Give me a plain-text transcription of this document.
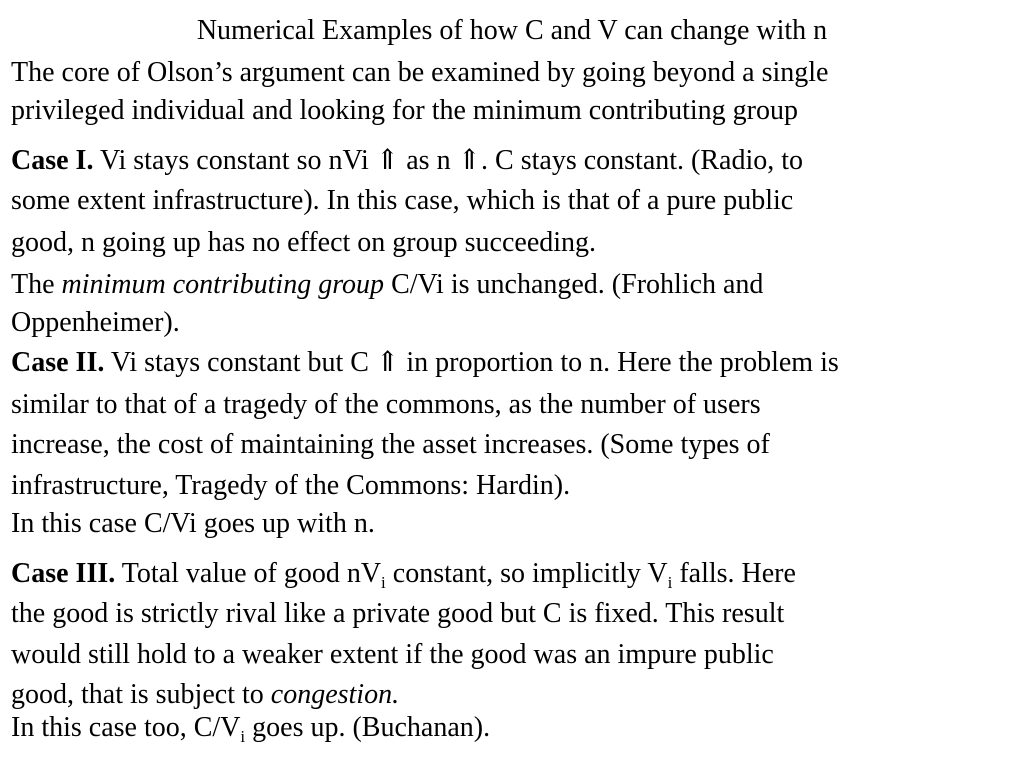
Numerical Examples of how C and V can change with n
The core of Olson’s argument can be examined by going beyond a single
privileged individual and looking for the minimum contributing group
Case I. Vi stays constant so nVi ⇑ as n ⇑. C stays constant. (Radio, to
some extent infrastructure). In this case, which is that of a pure public
good, n going up has no effect on group succeeding.
The minimum contributing group C/Vi is unchanged. (Frohlich and
Oppenheimer).
Case II. Vi stays constant but C ⇑ in proportion to n. Here the problem is
similar to that of a tragedy of the commons, as the number of users
increase, the cost of maintaining the asset increases. (Some types of
infrastructure, Tragedy of the Commons: Hardin).
In this case C/Vi goes up with n.
Case III. Total value of good $nV_i$ constant, so implicitly $V_i$ falls. Here
the good is strictly rival like a private good but C is fixed. This result
would still hold to a weaker extent if the good was an impure public
good, that is subject to congestion.
In this case too, $C/V_i$ goes up. (Buchanan).
